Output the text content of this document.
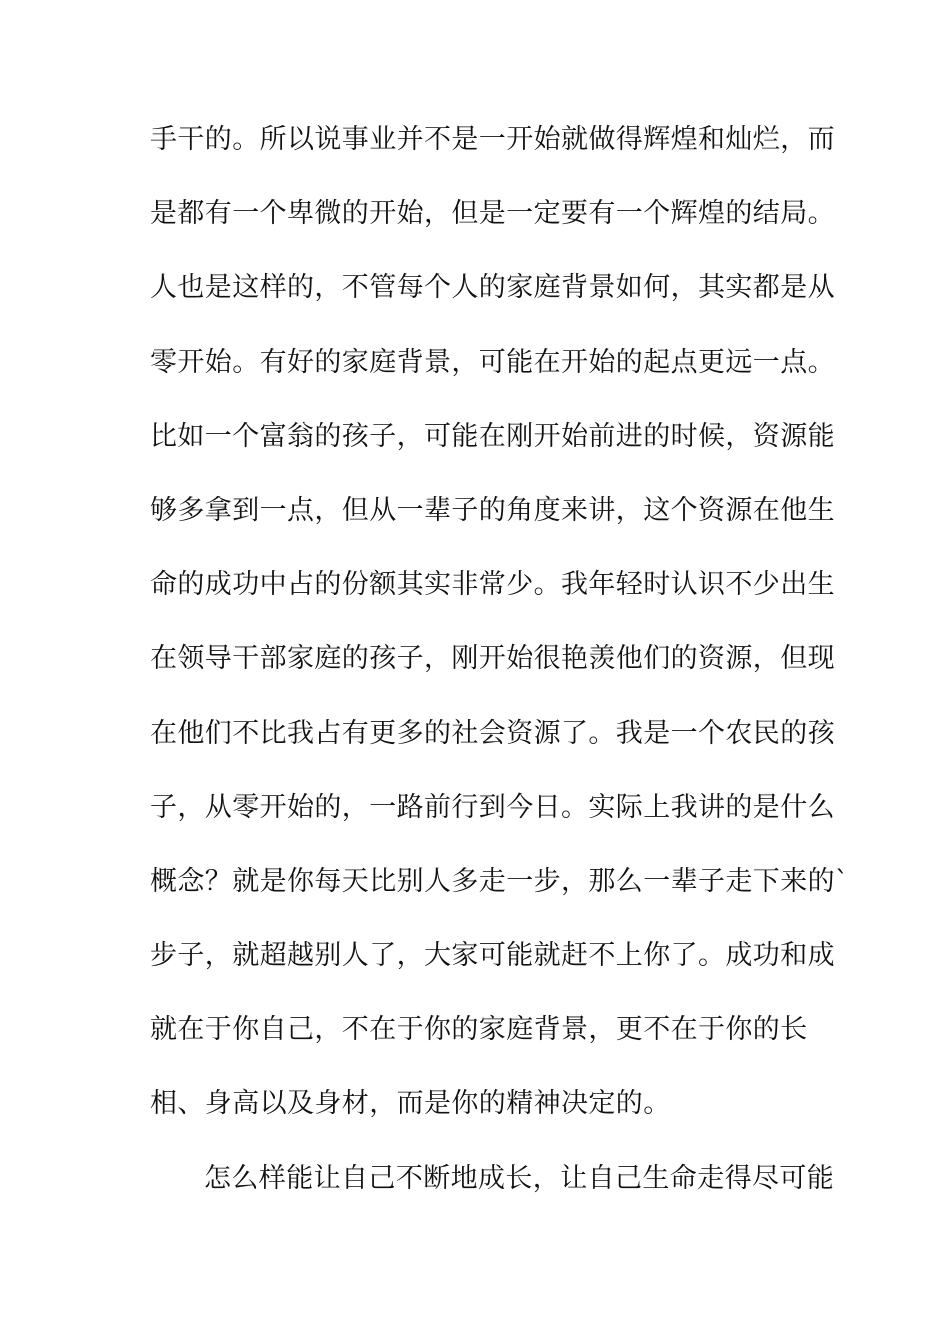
手干的。所以说事业并不是一开始就做得辉煌和灿烂，而
是都有一个卑微的开始，但是一定要有一个辉煌的结局。
人也是这样的，不管每个人的家庭背景如何，其实都是从
零开始。有好的家庭背景，可能在开始的起点更远一点。
比如一个富翁的孩子，可能在刚开始前进的时候，资源能
够多拿到一点，但从一辈子的角度来讲，这个资源在他生
命的成功中占的份额其实非常少。我年轻时认识不少出生
在领导干部家庭的孩子，刚开始很艳羡他们的资源，但现
在他们不比我占有更多的社会资源了。我是一个农民的孩
子，从零开始的，一路前行到今日。实际上我讲的是什么
概念？就是你每天比别人多走一步，那么一辈子走下来的`
步子，就超越别人了，大家可能就赶不上你了。成功和成
就在于你自己，不在于你的家庭背景，更不在于你的长
相、身高以及身材，而是你的精神决定的。
怎么样能让自己不断地成长，让自己生命走得尽可能
